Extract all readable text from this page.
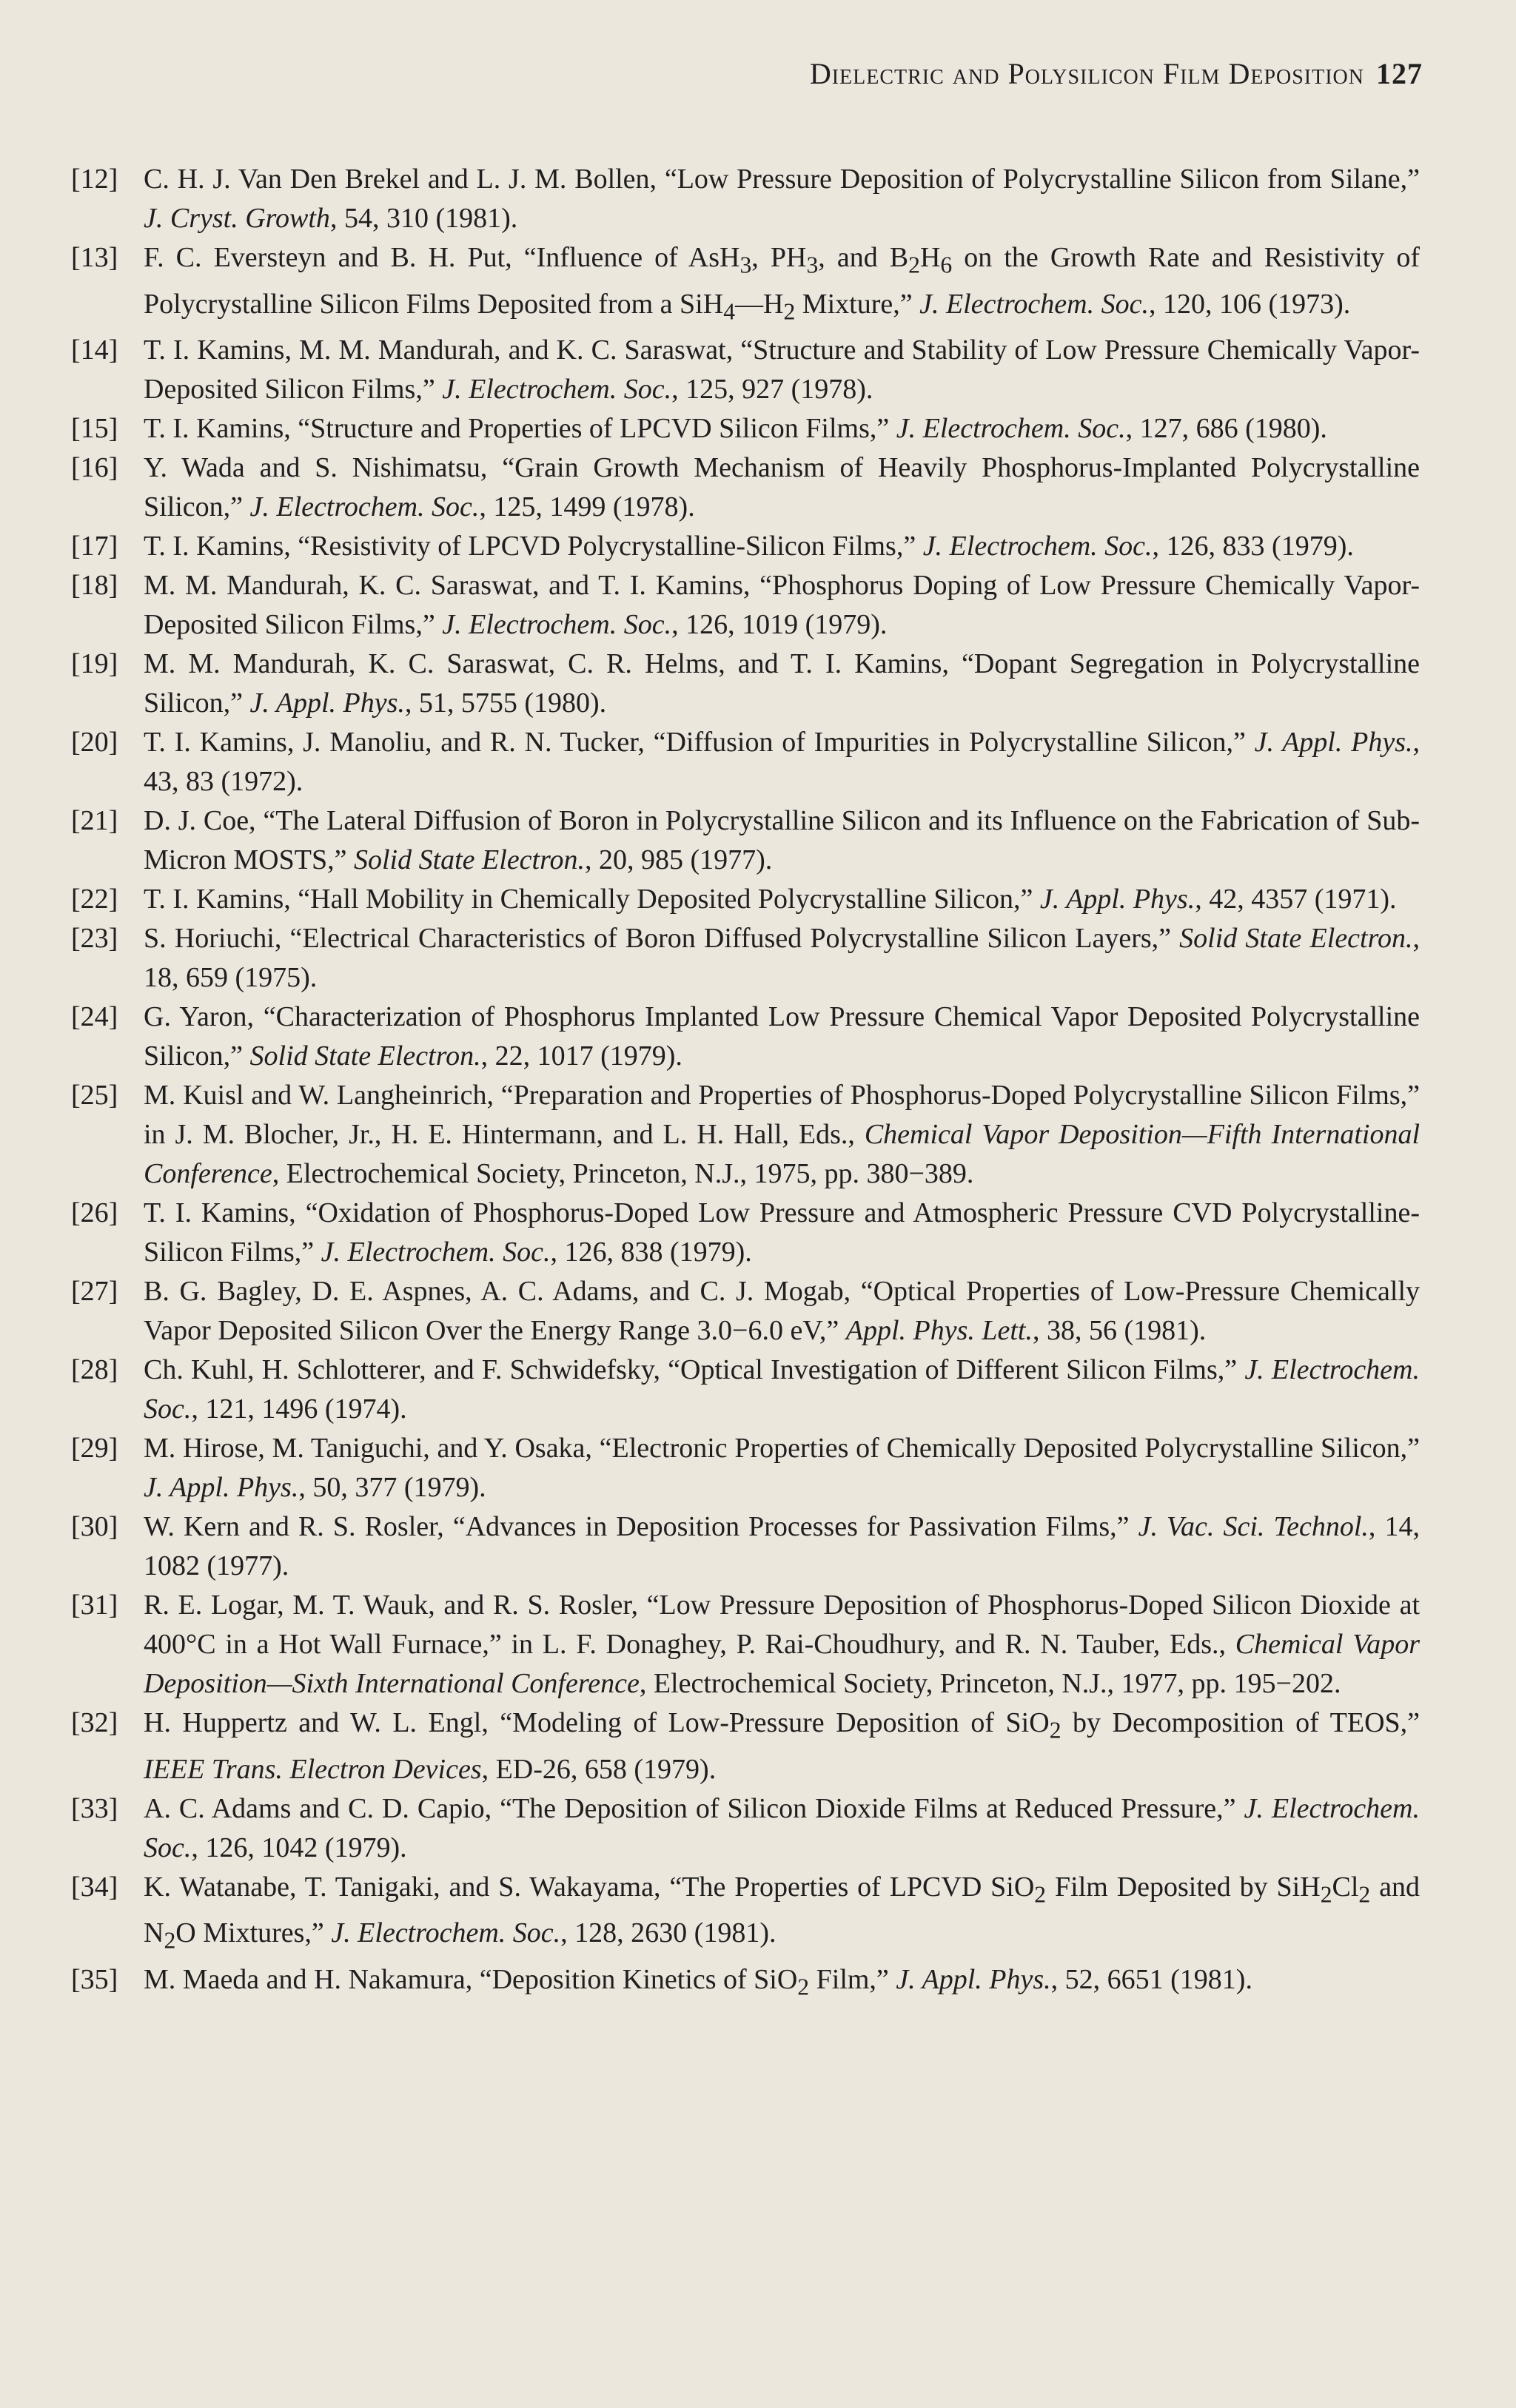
Dielectric and Polysilicon Film Deposition 127
[12] C. H. J. Van Den Brekel and L. J. M. Bollen, “Low Pressure Deposition of Polycrystalline Silicon from Silane,” J. Cryst. Growth, 54, 310 (1981).
[13] F. C. Eversteyn and B. H. Put, “Influence of AsH$_3$, $PH_3$, and $B_2H_6$ on the Growth Rate and Resistivity of Polycrystalline Silicon Films Deposited from a $SiH_4—H_2$ Mixture,” J. Electrochem. Soc., 120, 106 (1973).
[14] T. I. Kamins, M. M. Mandurah, and K. C. Saraswat, “Structure and Stability of Low Pressure Chemically Vapor-Deposited Silicon Films,” J. Electrochem. Soc., 125, 927 (1978).
[15] T. I. Kamins, “Structure and Properties of LPCVD Silicon Films,” J. Electrochem. Soc., 127, 686 (1980).
[16] Y. Wada and S. Nishimatsu, “Grain Growth Mechanism of Heavily Phosphorus-Implanted Polycrystalline Silicon,” J. Electrochem. Soc., 125, 1499 (1978).
[17] T. I. Kamins, “Resistivity of LPCVD Polycrystalline-Silicon Films,” J. Electrochem. Soc., 126, 833 (1979).
[18] M. M. Mandurah, K. C. Saraswat, and T. I. Kamins, “Phosphorus Doping of Low Pressure Chemically Vapor-Deposited Silicon Films,” J. Electrochem. Soc., 126, 1019 (1979).
[19] M. M. Mandurah, K. C. Saraswat, C. R. Helms, and T. I. Kamins, “Dopant Segregation in Polycrystalline Silicon,” J. Appl. Phys., 51, 5755 (1980).
[20] T. I. Kamins, J. Manoliu, and R. N. Tucker, “Diffusion of Impurities in Polycrystalline Silicon,” J. Appl. Phys., 43, 83 (1972).
[21] D. J. Coe, “The Lateral Diffusion of Boron in Polycrystalline Silicon and its Influence on the Fabrication of Sub-Micron MOSTS,” Solid State Electron., 20, 985 (1977).
[22] T. I. Kamins, “Hall Mobility in Chemically Deposited Polycrystalline Silicon,” J. Appl. Phys., 42, 4357 (1971).
[23] S. Horiuchi, “Electrical Characteristics of Boron Diffused Polycrystalline Silicon Layers,” Solid State Electron., 18, 659 (1975).
[24] G. Yaron, “Characterization of Phosphorus Implanted Low Pressure Chemical Vapor Deposited Polycrystalline Silicon,” Solid State Electron., 22, 1017 (1979).
[25] M. Kuisl and W. Langheinrich, “Preparation and Properties of Phosphorus-Doped Polycrystalline Silicon Films,” in J. M. Blocher, Jr., H. E. Hintermann, and L. H. Hall, Eds., Chemical Vapor Deposition—Fifth International Conference, Electrochemical Society, Princeton, N.J., 1975, pp. 380−389.
[26] T. I. Kamins, “Oxidation of Phosphorus-Doped Low Pressure and Atmospheric Pressure CVD Polycrystalline-Silicon Films,” J. Electrochem. Soc., 126, 838 (1979).
[27] B. G. Bagley, D. E. Aspnes, A. C. Adams, and C. J. Mogab, “Optical Properties of Low-Pressure Chemically Vapor Deposited Silicon Over the Energy Range 3.0−6.0 eV,” Appl. Phys. Lett., 38, 56 (1981).
[28] Ch. Kuhl, H. Schlotterer, and F. Schwidefsky, “Optical Investigation of Different Silicon Films,” J. Electrochem. Soc., 121, 1496 (1974).
[29] M. Hirose, M. Taniguchi, and Y. Osaka, “Electronic Properties of Chemically Deposited Polycrystalline Silicon,” J. Appl. Phys., 50, 377 (1979).
[30] W. Kern and R. S. Rosler, “Advances in Deposition Processes for Passivation Films,” J. Vac. Sci. Technol., 14, 1082 (1977).
[31] R. E. Logar, M. T. Wauk, and R. S. Rosler, “Low Pressure Deposition of Phosphorus-Doped Silicon Dioxide at 400°C in a Hot Wall Furnace,” in L. F. Donaghey, P. Rai-Choudhury, and R. N. Tauber, Eds., Chemical Vapor Deposition—Sixth International Conference, Electrochemical Society, Princeton, N.J., 1977, pp. 195−202.
[32] H. Huppertz and W. L. Engl, “Modeling of Low-Pressure Deposition of SiO$_2$ by Decomposition of TEOS,” IEEE Trans. Electron Devices, ED-26, 658 (1979).
[33] A. C. Adams and C. D. Capio, “The Deposition of Silicon Dioxide Films at Reduced Pressure,” J. Electrochem. Soc., 126, 1042 (1979).
[34] K. Watanabe, T. Tanigaki, and S. Wakayama, “The Properties of LPCVD SiO$_2$ Film Deposited by $SiH_2Cl_2$ and $N_2O$ Mixtures,” J. Electrochem. Soc., 128, 2630 (1981).
[35] M. Maeda and H. Nakamura, “Deposition Kinetics of SiO$_2$ Film,” J. Appl. Phys., 52, 6651 (1981).
